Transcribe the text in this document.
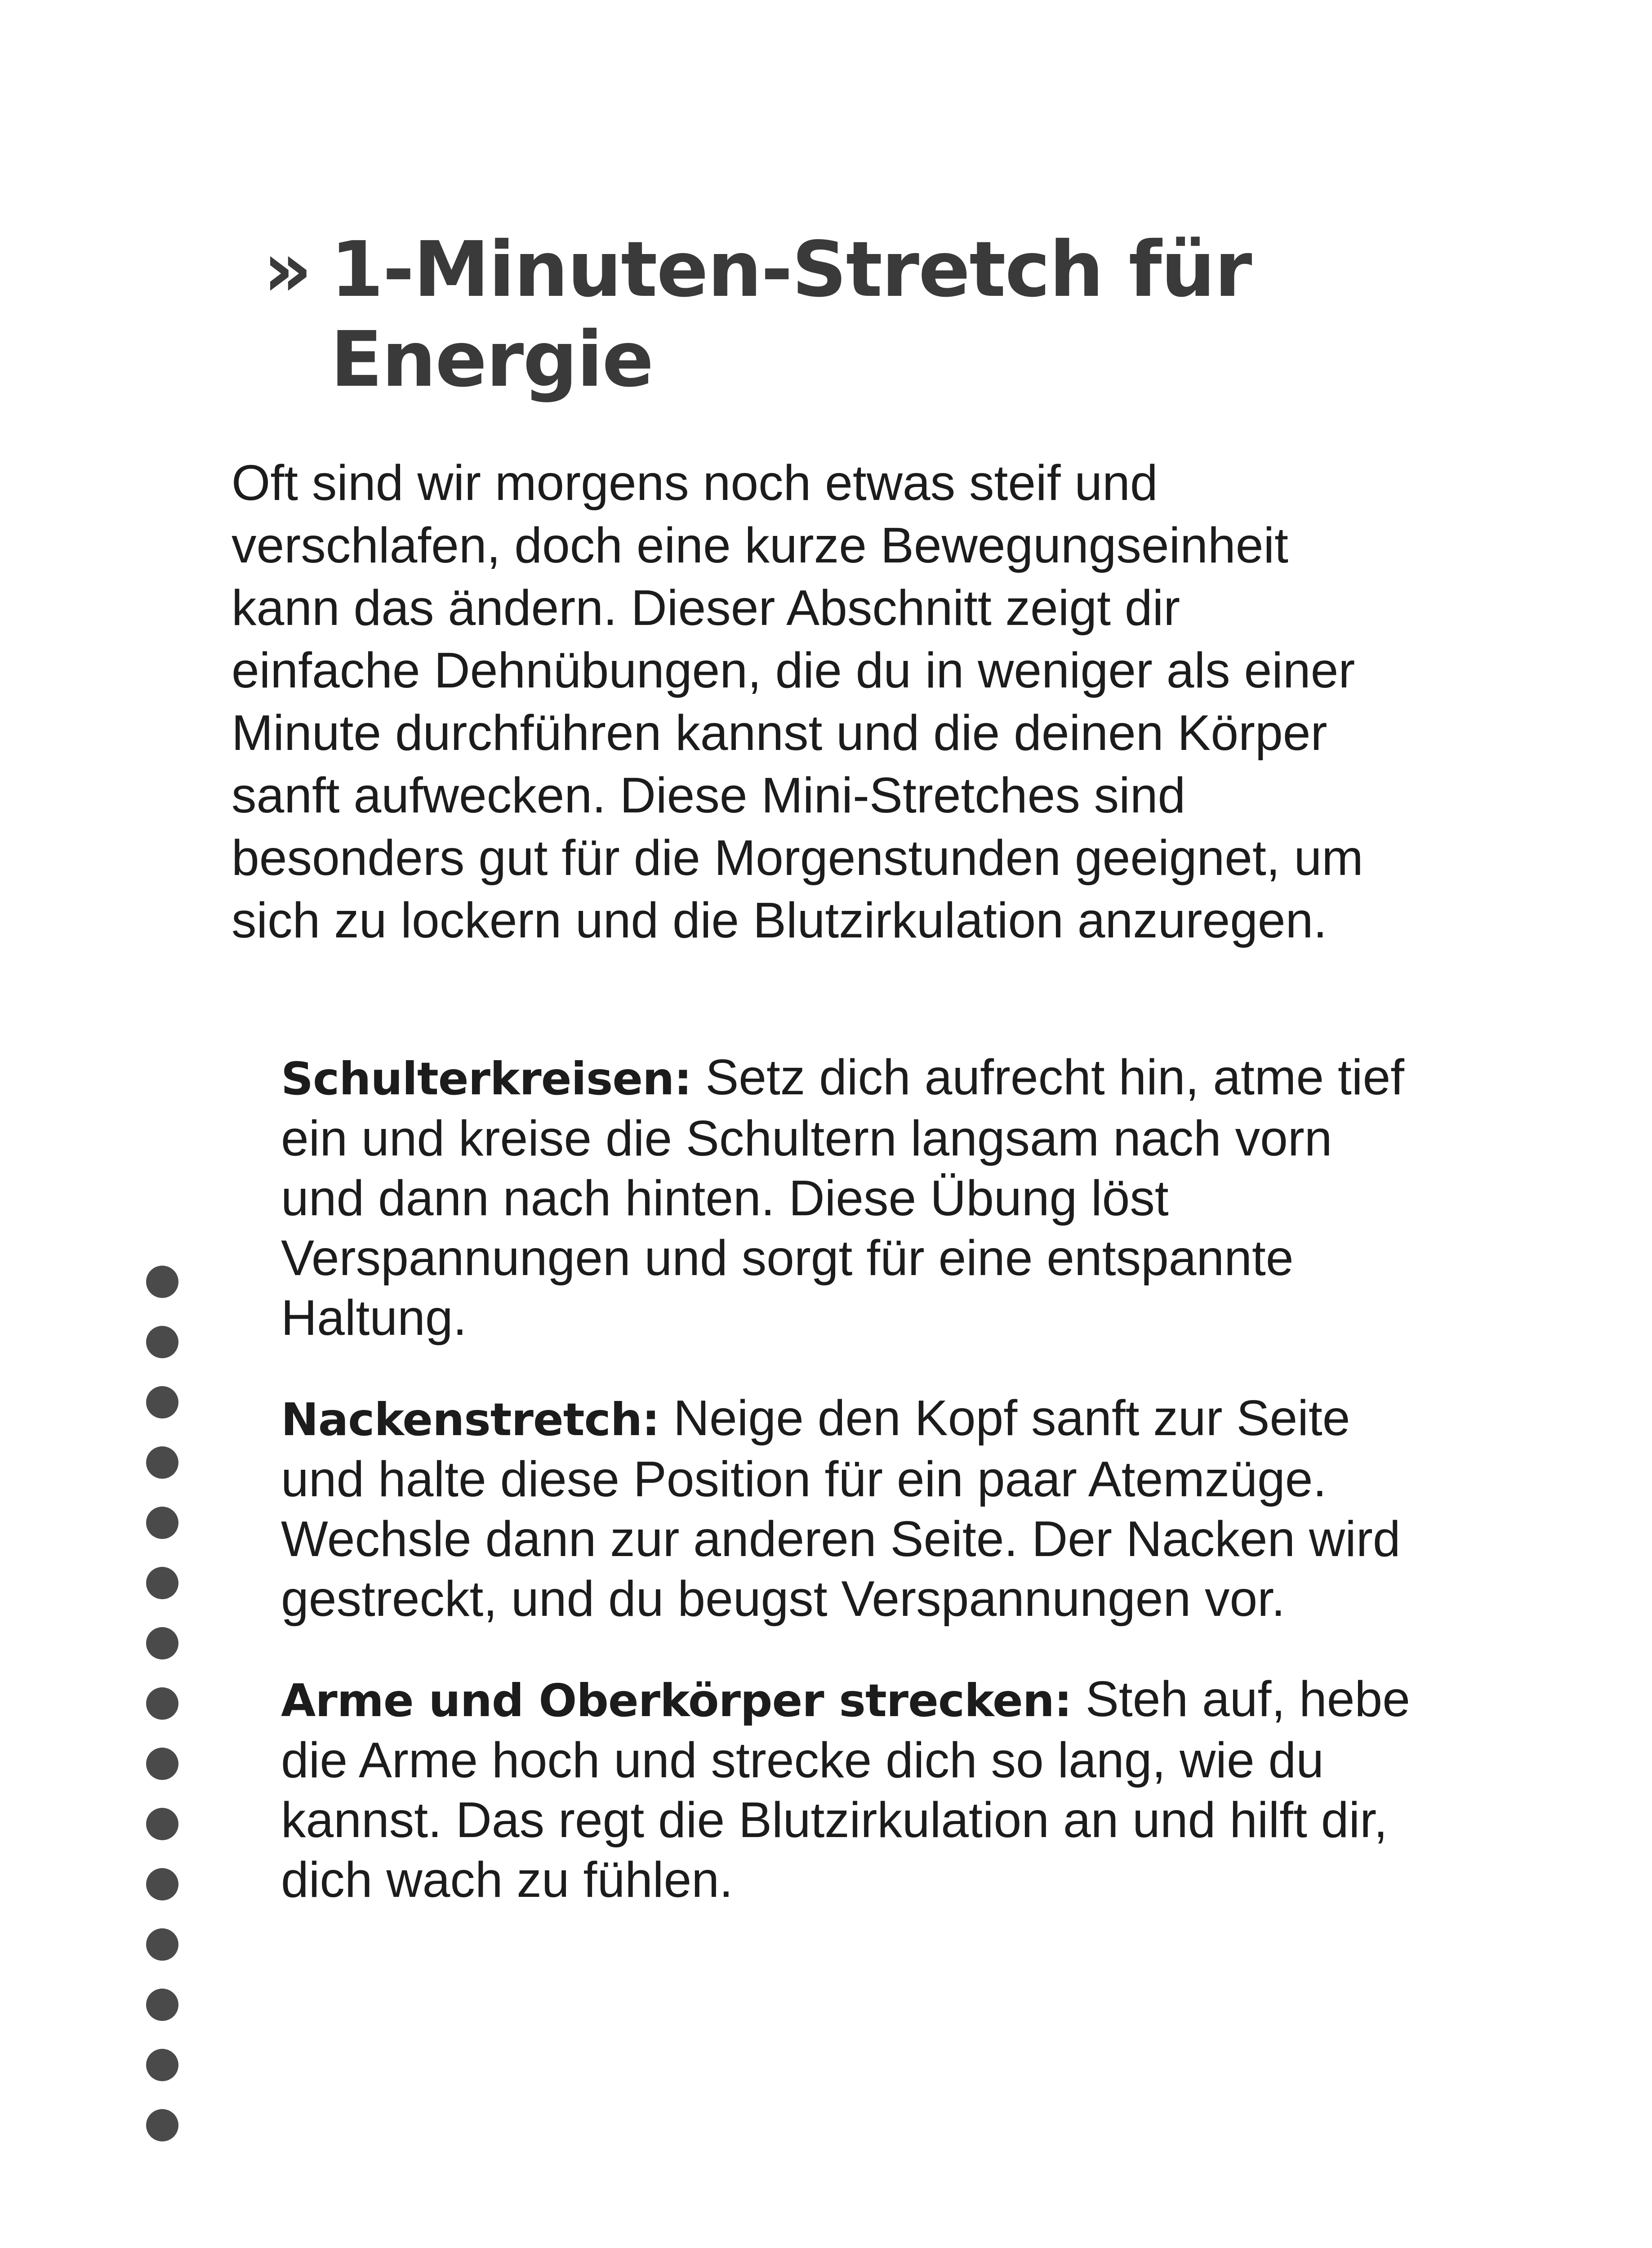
» 1-Minuten-Stretch für
Energie

Oft sind wir morgens noch etwas steif und verschlafen, doch eine kurze Bewegungseinheit kann das ändern. Dieser Abschnitt zeigt dir einfache Dehnübungen, die du in weniger als einer Minute durchführen kannst und die deinen Körper sanft aufwecken. Diese Mini-Stretches sind besonders gut für die Morgenstunden geeignet, um sich zu lockern und die Blutzirkulation anzuregen.

Schulterkreisen: Setz dich aufrecht hin, atme tief ein und kreise die Schultern langsam nach vorn und dann nach hinten. Diese Übung löst Verspannungen und sorgt für eine entspannte Haltung.

Nackenstretch: Neige den Kopf sanft zur Seite und halte diese Position für ein paar Atemzüge. Wechsle dann zur anderen Seite. Der Nacken wird gestreckt, und du beugst Verspannungen vor.

Arme und Oberkörper strecken: Steh auf, hebe die Arme hoch und strecke dich so lang, wie du kannst. Das regt die Blutzirkulation an und hilft dir, dich wach zu fühlen.
